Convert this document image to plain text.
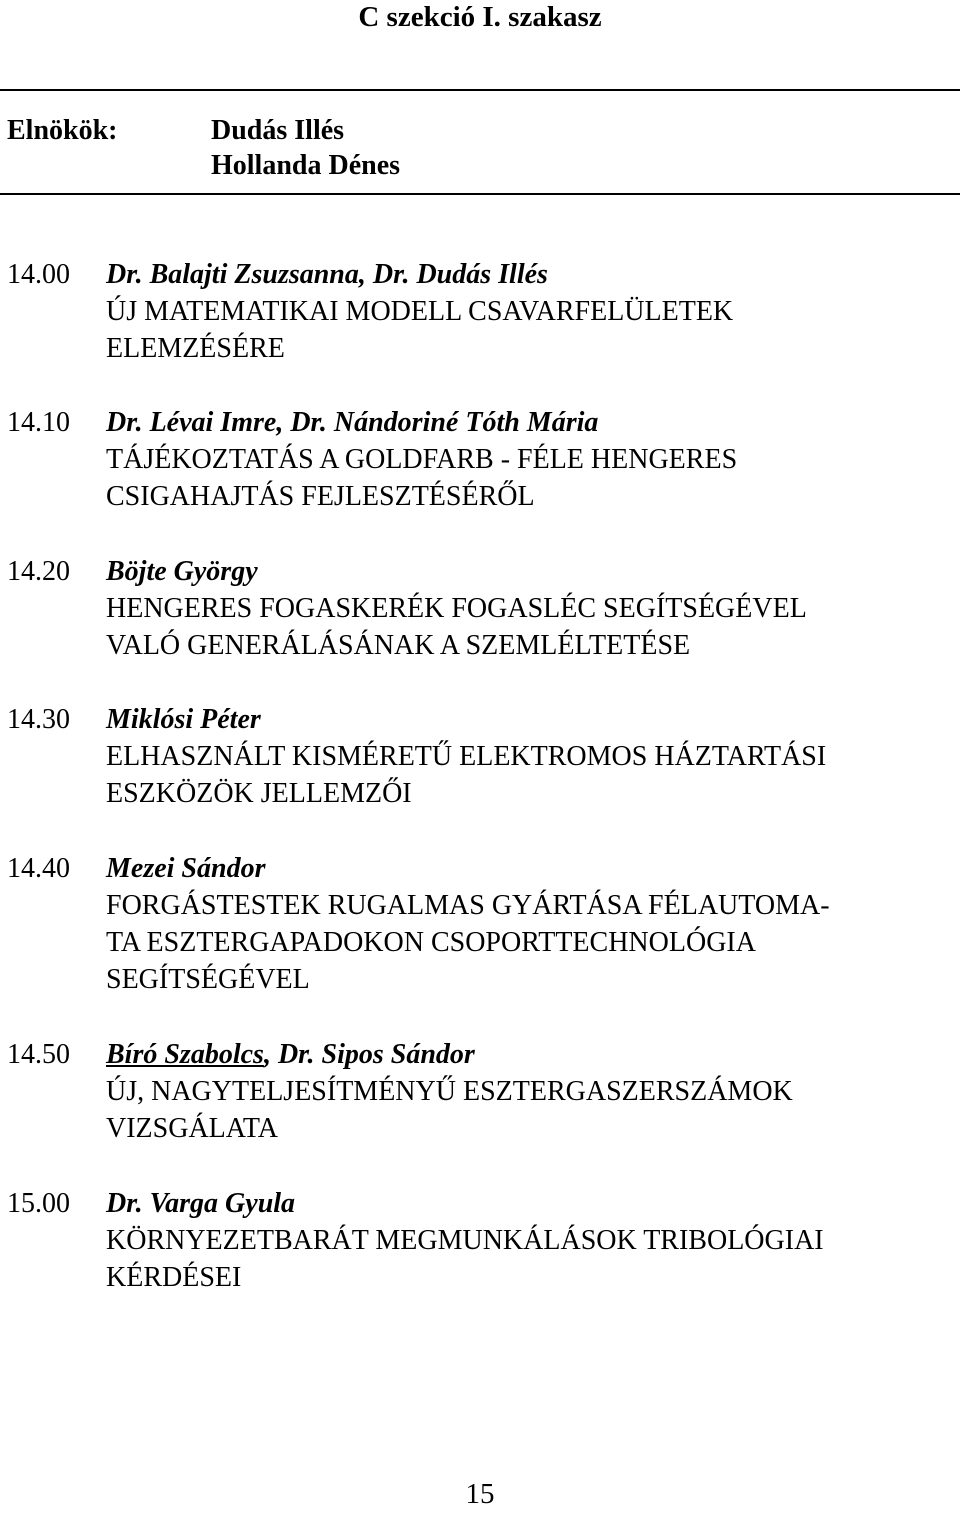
C szekció I. szakasz
Elnökök:	Dudás Illés
Hollanda Dénes
14.00 Dr. Balajti Zsuzsanna, Dr. Dudás Illés
ÚJ MATEMATIKAI MODELL CSAVARFELÜLETEK
ELEMZÉSÉRE
14.10 Dr. Lévai Imre, Dr. Nándoriné Tóth Mária
TÁJÉKOZTATÁS A GOLDFARB - FÉLE HENGERES
CSIGAHAJTÁS FEJLESZTÉSÉRŐL
14.20 Böjte György
HENGERES FOGASKERÉK FOGASLÉC SEGÍTSÉGÉVEL
VALÓ GENERÁLÁSÁNAK A SZEMLÉLTETÉSE
14.30 Miklósi Péter
ELHASZNÁLT KISMÉRETŰ ELEKTROMOS HÁZTARTÁSI
ESZKÖZÖK JELLEMZŐI
14.40 Mezei Sándor
FORGÁSTESTEK RUGALMAS GYÁRTÁSA FÉLAUTOMA-
TA ESZTERGAPADOKON CSOPORTTECHNOLÓGIA
SEGÍTSÉGÉVEL
14.50 Bíró Szabolcs, Dr. Sipos Sándor
ÚJ, NAGYTELJESÍTMÉNYŰ ESZTERGASZERSZÁMOK
VIZSGÁLATA
15.00 Dr. Varga Gyula
KÖRNYEZETBARÁT MEGMUNKÁLÁSOK TRIBOLÓGIAI
KÉRDÉSEI
15
